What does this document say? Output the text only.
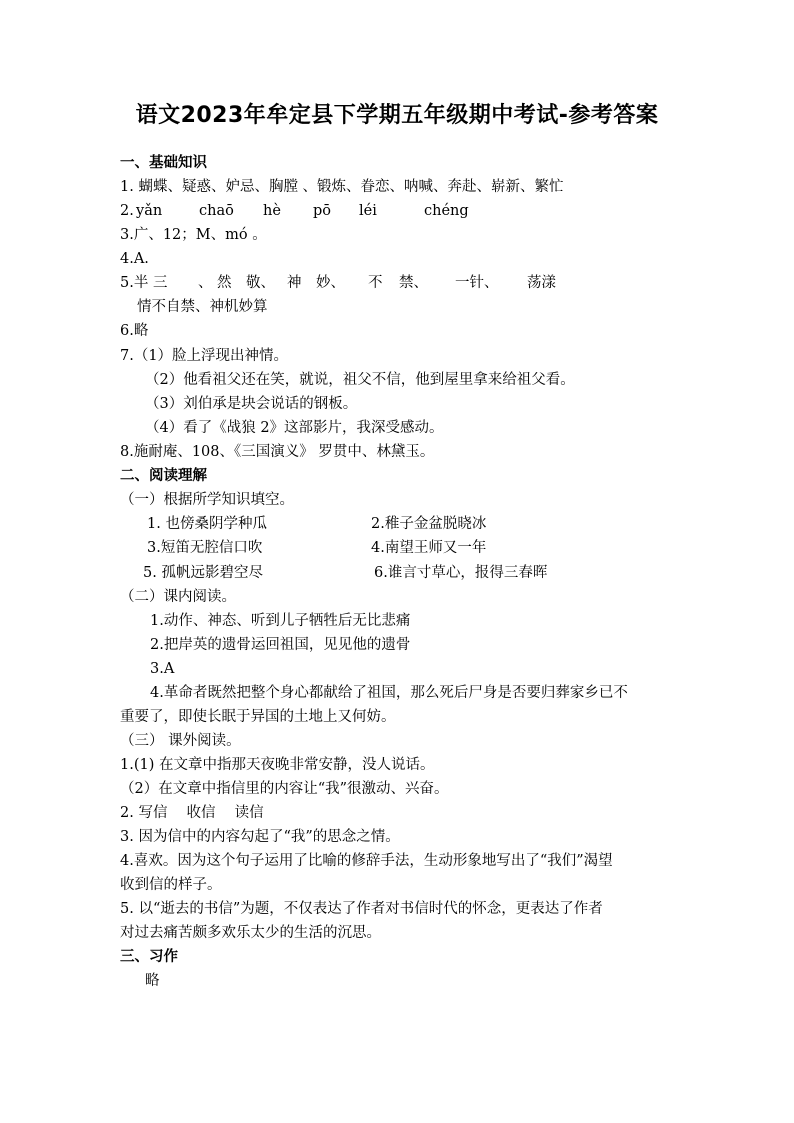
语文2023年牟定县下学期五年级期中考试-参考答案
一、基础知识
1. 蝴蝶、疑惑、妒忌、胸膛 、锻炼、眷恋、呐喊、奔赴、崭新、繁忙
2. yǎn	chaō hè pō léi	chéng
3.广、12；M、mó 。
4.A.
5.半 三 、 然 敬、 神 妙、 不 禁、 一针、 荡漾
情不自禁、神机妙算
6.略
7.（1）脸上浮现出神情。
（2）他看祖父还在笑，就说，祖父不信，他到屋里拿来给祖父看。
（3）刘伯承是块会说话的钢板。
（4）看了《战狼 2》这部影片，我深受感动。
8.施耐庵、108、《三国演义》 罗贯中、林黛玉。
二、阅读理解
（一）根据所学知识填空。
1. 也傍桑阴学种瓜	2.稚子金盆脱晓冰
3.短笛无腔信口吹	4.南望王师又一年
5. 孤帆远影碧空尽	6.谁言寸草心，报得三春晖
（二）课内阅读。
1.动作、神态、听到儿子牺牲后无比悲痛
2.把岸英的遗骨运回祖国，见见他的遗骨
3.A
4.革命者既然把整个身心都献给了祖国，那么死后尸身是否要归葬家乡已不
重要了，即使长眠于异国的土地上又何妨。
（三） 课外阅读。
1.(1) 在文章中指那天夜晚非常安静，没人说话。
（2）在文章中指信里的内容让“我”很激动、兴奋。
2. 写信　 收信　 读信
3. 因为信中的内容勾起了“我”的思念之情。
4.喜欢。因为这个句子运用了比喻的修辞手法，生动形象地写出了“我们”渴望
收到信的样子。
5. 以“逝去的书信”为题，不仅表达了作者对书信时代的怀念，更表达了作者
对过去痛苦颇多欢乐太少的生活的沉思。
三、习作
略
